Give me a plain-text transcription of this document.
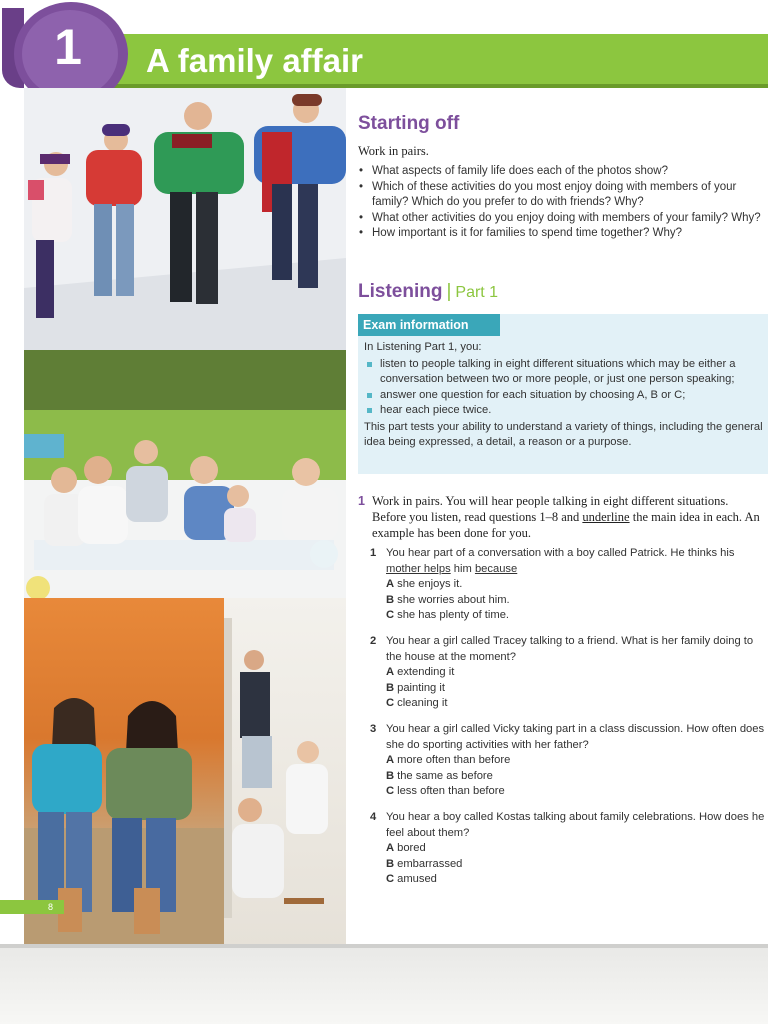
1	A family affair
8
Starting off
Work in pairs.
• What aspects of family life does each of the photos show?
• Which of these activities do you most enjoy doing with members of your family? Which do you prefer to do with friends? Why?
• What other activities do you enjoy doing with members of your family? Why?
• How important is it for families to spend time together? Why?
Listening | Part 1
Exam information
In Listening Part 1, you:
listen to people talking in eight different situations which may be either a conversation between two or more people, or just one person speaking;
answer one question for each situation by choosing A, B or C;
hear each piece twice.
This part tests your ability to understand a variety of things, including the general idea being expressed, a detail, a reason or a purpose.
1 Work in pairs. You will hear people talking in eight different situations. Before you listen, read questions 1–8 and underline the main idea in each. An example has been done for you.
1 You hear part of a conversation with a boy called Patrick. He thinks his mother helps him because
A she enjoys it.
B she worries about him.
C she has plenty of time.
2 You hear a girl called Tracey talking to a friend. What is her family doing to the house at the moment?
A extending it
B painting it
C cleaning it
3 You hear a girl called Vicky taking part in a class discussion. How often does she do sporting activities with her father?
A more often than before
B the same as before
C less often than before
4 You hear a boy called Kostas talking about family celebrations. How does he feel about them?
A bored
B embarrassed
C amused
